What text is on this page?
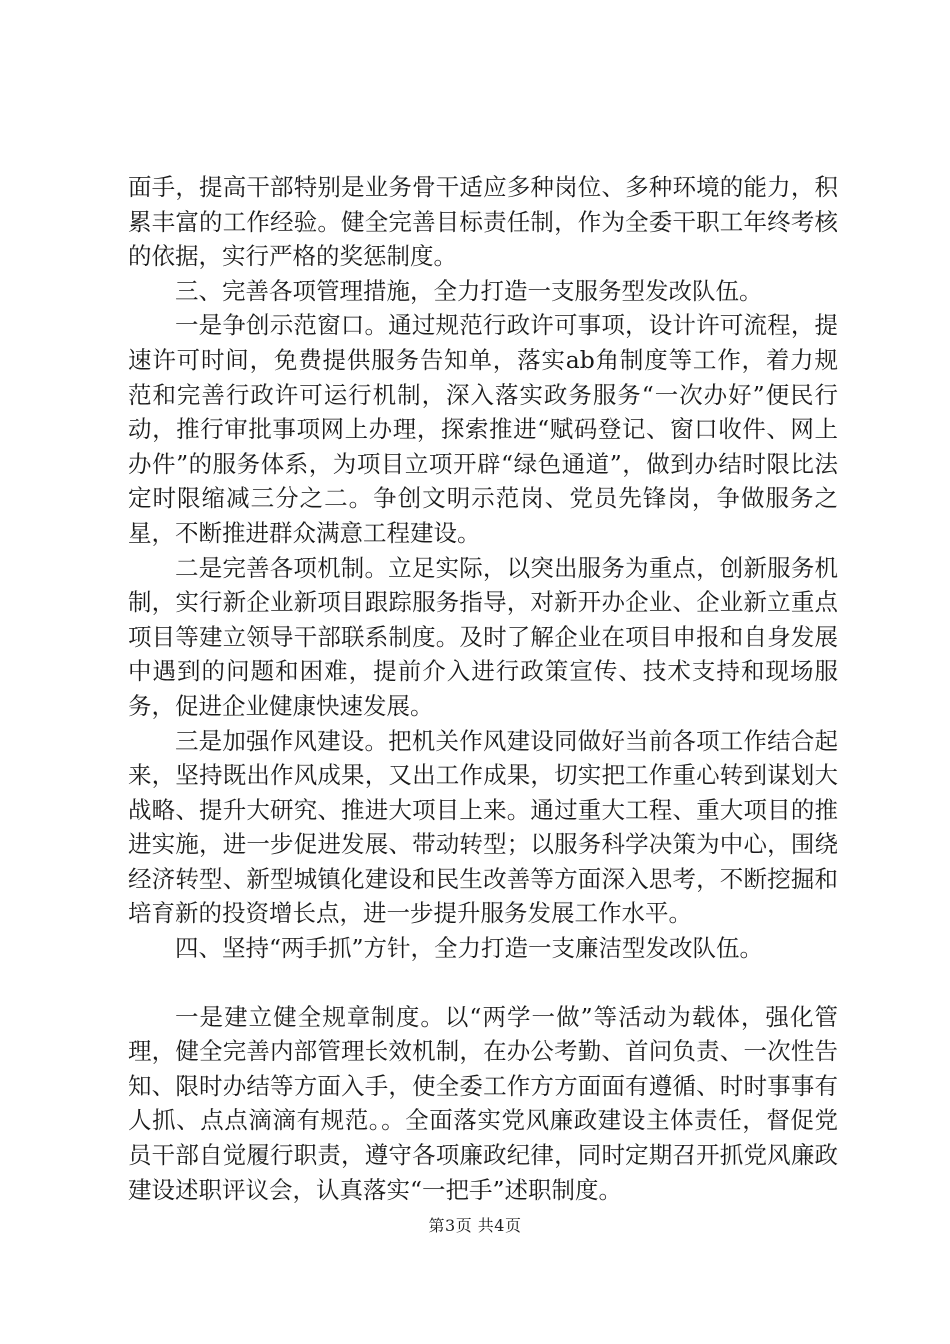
面手，提高干部特别是业务骨干适应多种岗位、多种环境的能力，积累丰富的工作经验。健全完善目标责任制，作为全委干职工年终考核的依据，实行严格的奖惩制度。

三、完善各项管理措施，全力打造一支服务型发改队伍。

一是争创示范窗口。通过规范行政许可事项，设计许可流程，提速许可时间，免费提供服务告知单，落实ab角制度等工作，着力规范和完善行政许可运行机制，深入落实政务服务“一次办好”便民行动，推行审批事项网上办理，探索推进“赋码登记、窗口收件、网上办件”的服务体系，为项目立项开辟“绿色通道”，做到办结时限比法定时限缩减三分之二。争创文明示范岗、党员先锋岗，争做服务之星，不断推进群众满意工程建设。

二是完善各项机制。立足实际，以突出服务为重点，创新服务机制，实行新企业新项目跟踪服务指导，对新开办企业、企业新立重点项目等建立领导干部联系制度。及时了解企业在项目申报和自身发展中遇到的问题和困难，提前介入进行政策宣传、技术支持和现场服务，促进企业健康快速发展。

三是加强作风建设。把机关作风建设同做好当前各项工作结合起来，坚持既出作风成果，又出工作成果，切实把工作重心转到谋划大战略、提升大研究、推进大项目上来。通过重大工程、重大项目的推进实施，进一步促进发展、带动转型；以服务科学决策为中心，围绕经济转型、新型城镇化建设和民生改善等方面深入思考，不断挖掘和培育新的投资增长点，进一步提升服务发展工作水平。

四、坚持“两手抓”方针，全力打造一支廉洁型发改队伍。

一是建立健全规章制度。以“两学一做”等活动为载体，强化管理，健全完善内部管理长效机制，在办公考勤、首问负责、一次性告知、限时办结等方面入手，使全委工作方方面面有遵循、时时事事有人抓、点点滴滴有规范。。全面落实党风廉政建设主体责任，督促党员干部自觉履行职责，遵守各项廉政纪律，同时定期召开抓党风廉政建设述职评议会，认真落实“一把手”述职制度。

第3页 共4页
